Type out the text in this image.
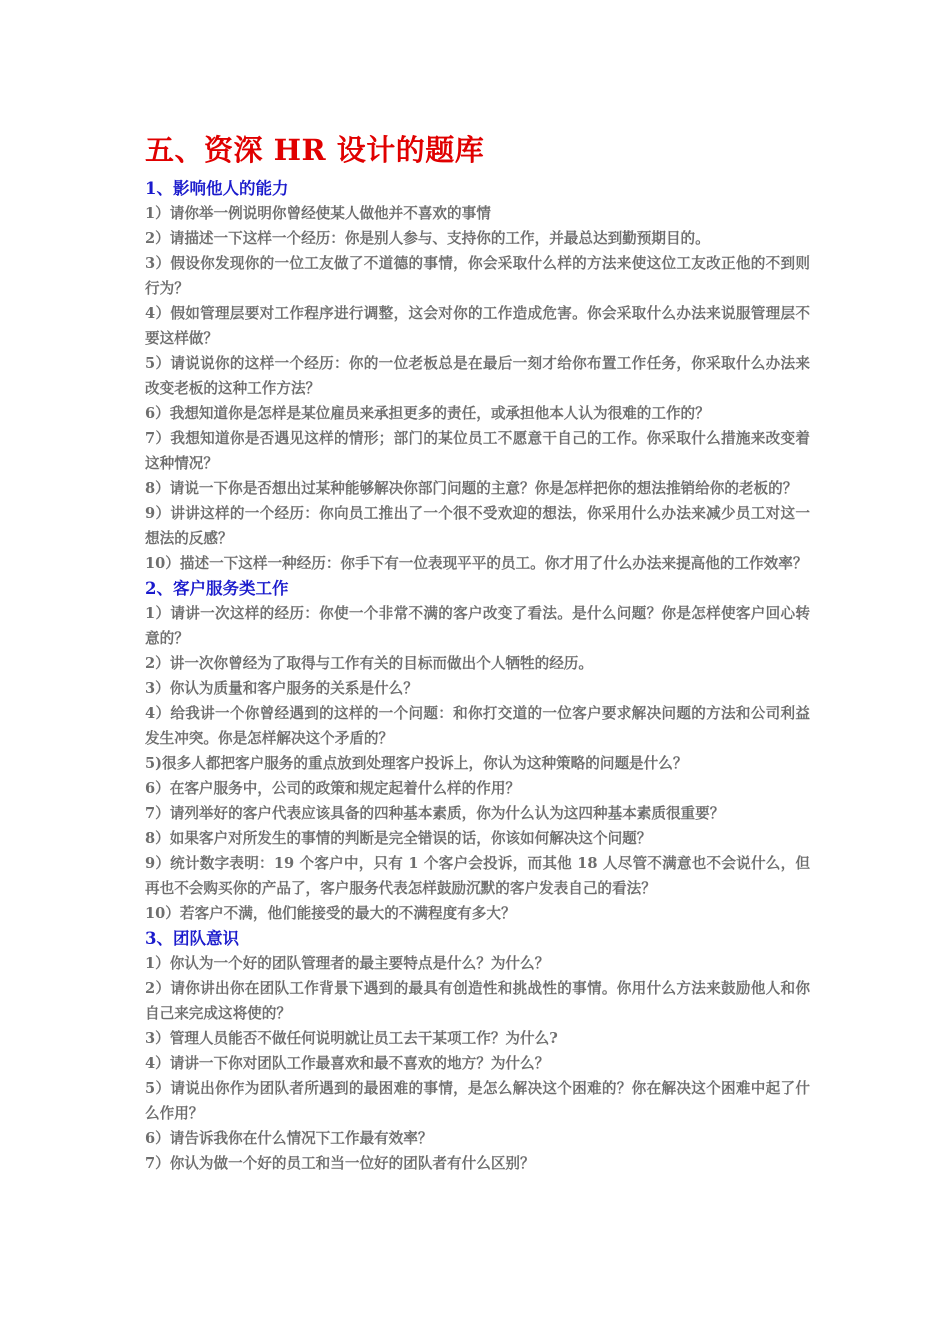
五、资深 HR 设计的题库
1、影响他人的能力

1）请你举一例说明你曾经使某人做他并不喜欢的事情

2）请描述一下这样一个经历：你是别人参与、支持你的工作，并最总达到勤预期目的。

3）假设你发现你的一位工友做了不道德的事情，你会采取什么样的方法来使这位工友改正他的不到则行为？

4）假如管理层要对工作程序进行调整，这会对你的工作造成危害。你会采取什么办法来说服管理层不要这样做？

5）请说说你的这样一个经历：你的一位老板总是在最后一刻才给你布置工作任务，你采取什么办法来改变老板的这种工作方法？

6）我想知道你是怎样是某位雇员来承担更多的责任，或承担他本人认为很难的工作的？

7）我想知道你是否遇见这样的情形；部门的某位员工不愿意干自己的工作。你采取什么措施来改变着这种情况？

8）请说一下你是否想出过某种能够解决你部门问题的主意？你是怎样把你的想法推销给你的老板的？

9）讲讲这样的一个经历：你向员工推出了一个很不受欢迎的想法，你采用什么办法来减少员工对这一想法的反感？

10）描述一下这样一种经历：你手下有一位表现平平的员工。你才用了什么办法来提高他的工作效率？

2、客户服务类工作

1）请讲一次这样的经历：你使一个非常不满的客户改变了看法。是什么问题？你是怎样使客户回心转意的？

2）讲一次你曾经为了取得与工作有关的目标而做出个人牺牲的经历。

3）你认为质量和客户服务的关系是什么？

4）给我讲一个你曾经遇到的这样的一个问题：和你打交道的一位客户要求解决问题的方法和公司利益发生冲突。你是怎样解决这个矛盾的？

5)很多人都把客户服务的重点放到处理客户投诉上，你认为这种策略的问题是什么？

6）在客户服务中，公司的政策和规定起着什么样的作用？

7）请列举好的客户代表应该具备的四种基本素质，你为什么认为这四种基本素质很重要？

8）如果客户对所发生的事情的判断是完全错误的话，你该如何解决这个问题？

9）统计数字表明：19 个客户中，只有 1 个客户会投诉，而其他 18 人尽管不满意也不会说什么，但再也不会购买你的产品了，客户服务代表怎样鼓励沉默的客户发表自己的看法？

10）若客户不满，他们能接受的最大的不满程度有多大？

3、团队意识

1）你认为一个好的团队管理者的最主要特点是什么？为什么？

2）请你讲出你在团队工作背景下遇到的最具有创造性和挑战性的事情。你用什么方法来鼓励他人和你自己来完成这将使的？

3）管理人员能否不做任何说明就让员工去干某项工作？为什么?

4）请讲一下你对团队工作最喜欢和最不喜欢的地方？为什么？

5）请说出你作为团队者所遇到的最困难的事情，是怎么解决这个困难的？你在解决这个困难中起了什么作用？

6）请告诉我你在什么情况下工作最有效率？

7）你认为做一个好的员工和当一位好的团队者有什么区别？
